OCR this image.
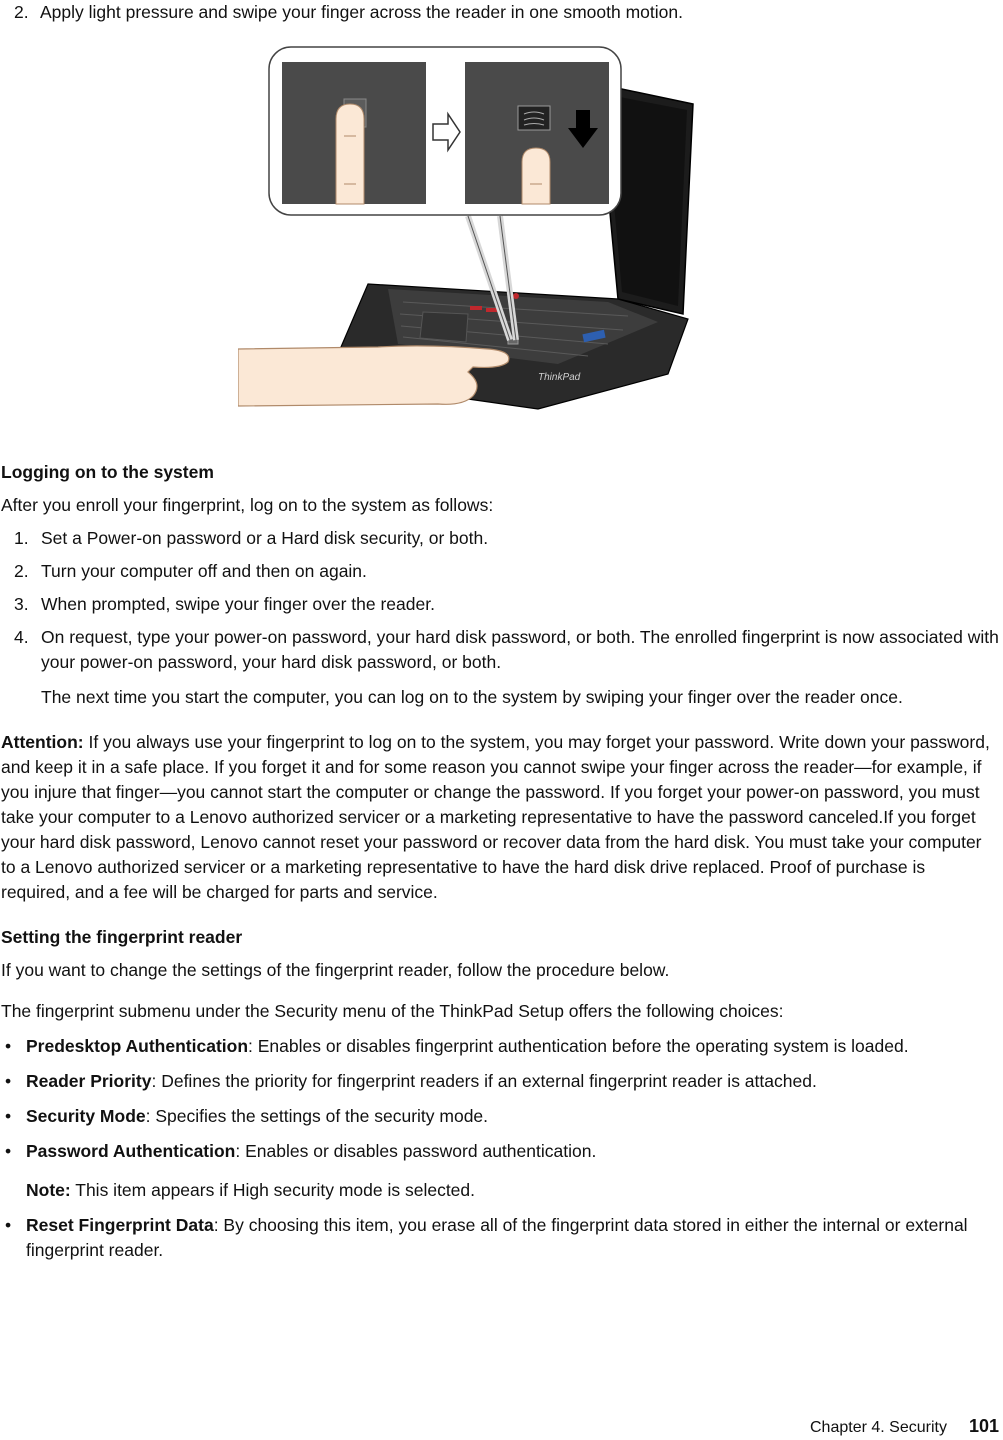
2. Apply light pressure and swipe your finger across the reader in one smooth motion.
ThinkPad
Logging on to the system

After you enroll your fingerprint, log on to the system as follows:

1. Set a Power-on password or a Hard disk security, or both.
2. Turn your computer off and then on again.
3. When prompted, swipe your finger over the reader.
4. On request, type your power-on password, your hard disk password, or both. The enrolled fingerprint is now associated with your power-on password, your hard disk password, or both.

The next time you start the computer, you can log on to the system by swiping your finger over the reader once.

Attention: If you always use your fingerprint to log on to the system, you may forget your password. Write down your password, and keep it in a safe place. If you forget it and for some reason you cannot swipe your finger across the reader—for example, if you injure that finger—you cannot start the computer or change the password. If you forget your power-on password, you must take your computer to a Lenovo authorized servicer or a marketing representative to have the password canceled.If you forget your hard disk password, Lenovo cannot reset your password or recover data from the hard disk. You must take your computer to a Lenovo authorized servicer or a marketing representative to have the hard disk drive replaced. Proof of purchase is required, and a fee will be charged for parts and service.

Setting the fingerprint reader

If you want to change the settings of the fingerprint reader, follow the procedure below.

The fingerprint submenu under the Security menu of the ThinkPad Setup offers the following choices:

• Predesktop Authentication: Enables or disables fingerprint authentication before the operating system is loaded.
• Reader Priority: Defines the priority for fingerprint readers if an external fingerprint reader is attached.
• Security Mode: Specifies the settings of the security mode.
• Password Authentication: Enables or disables password authentication.

Note: This item appears if High security mode is selected.

• Reset Fingerprint Data: By choosing this item, you erase all of the fingerprint data stored in either the internal or external fingerprint reader.
Chapter 4. Security 101
